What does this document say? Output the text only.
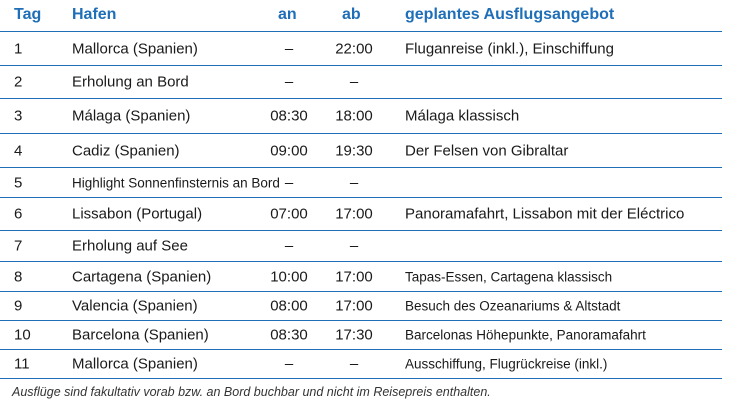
Tag Hafen	an	ab	geplantes Ausflugsangebot
1	Mallorca (Spanien)	–	22:00 Fluganreise (inkl.), Einschiffung
2	Erholung an Bord	–	–
3	Málaga (Spanien)	08:30 18:00 Málaga klassisch
4	Cadiz (Spanien)	09:00 19:30 Der Felsen von Gibraltar
5	Highlight Sonnenfinsternis an Bord –	–
6	Lissabon (Portugal)	07:00 17:00 Panoramafahrt, Lissabon mit der Eléctrico
7	Erholung auf See	–	–
8	Cartagena (Spanien)	10:00 17:00 Tapas-Essen, Cartagena klassisch
9	Valencia (Spanien)	08:00 17:00 Besuch des Ozeanariums & Altstadt
10	Barcelona (Spanien)	08:30 17:30 Barcelonas Höhepunkte, Panoramafahrt
11	Mallorca (Spanien)	–	–	Ausschiffung, Flugrückreise (inkl.)
Ausflüge sind fakultativ vorab bzw. an Bord buchbar und nicht im Reisepreis enthalten.
